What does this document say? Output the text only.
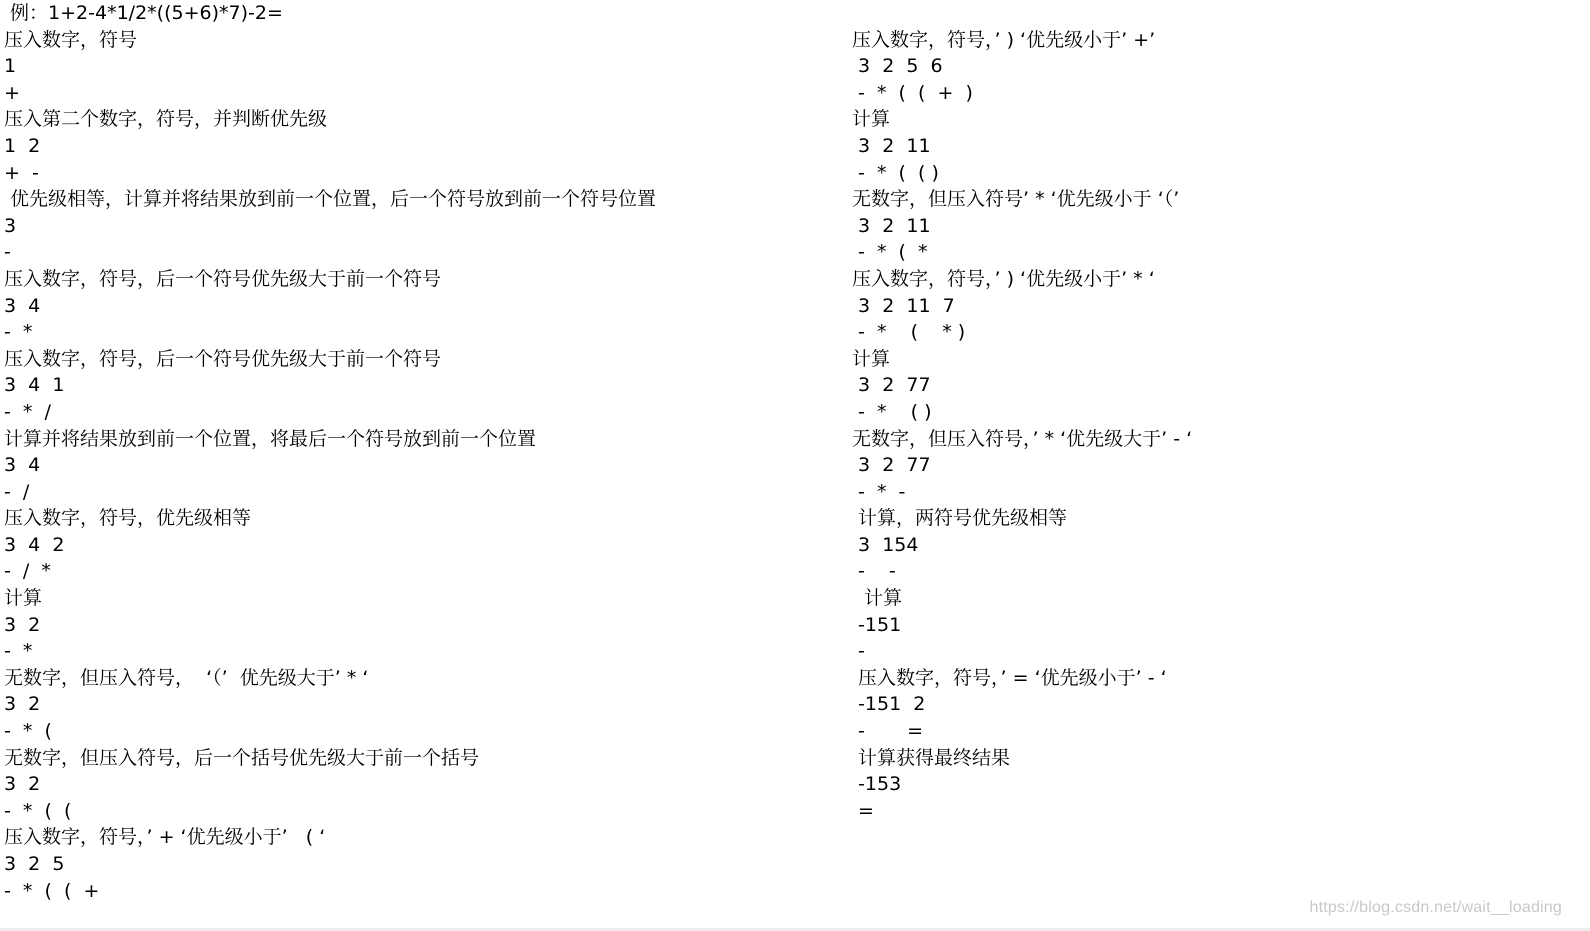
例：1+2-4*1/2*((5+6)*7)-2=
压入数字，符号
1
+
压入第二个数字，符号，并判断优先级
1  2
+  -
优先级相等，计算并将结果放到前一个位置，后一个符号放到前一个符号位置
3
-
压入数字，符号，后一个符号优先级大于前一个符号
3  4
-  *
压入数字，符号，后一个符号优先级大于前一个符号
3  4  1
-  *  /
计算并将结果放到前一个位置，将最后一个符号放到前一个位置
3  4
-  /
压入数字，符号，优先级相等
3  4  2
-  /  *
计算
3  2
-  *
无数字，但压入符号，  ‘（’  优先级大于’ * ‘
3  2
-  *  (
无数字，但压入符号，后一个括号优先级大于前一个括号
3  2
-  *  (  (
压入数字，符号，’ + ‘优先级小于’   ( ‘
3  2  5
-  *  (  (  +
压入数字，符号，’ ) ‘优先级小于’ +’
3  2  5  6
-  *  (  (  +  )
计算
3  2  11
-  *  (  ( )
无数字，但压入符号’ * ‘优先级小于 ‘（’
3  2  11
-  *  (  *
压入数字，符号，’ ) ‘优先级小于’ * ‘
3  2  11  7
-  *    (    * )
计算
3  2  77
-  *    ( )
无数字，但压入符号，’ * ‘优先级大于’ - ‘
3  2  77
-  *  -
计算，两符号优先级相等
3  154
-    -
计算
-151
-
压入数字，符号，’ = ‘优先级小于’ - ‘
-151  2
-       =
计算获得最终结果
-153
=
https://blog.csdn.net/wait__loading
